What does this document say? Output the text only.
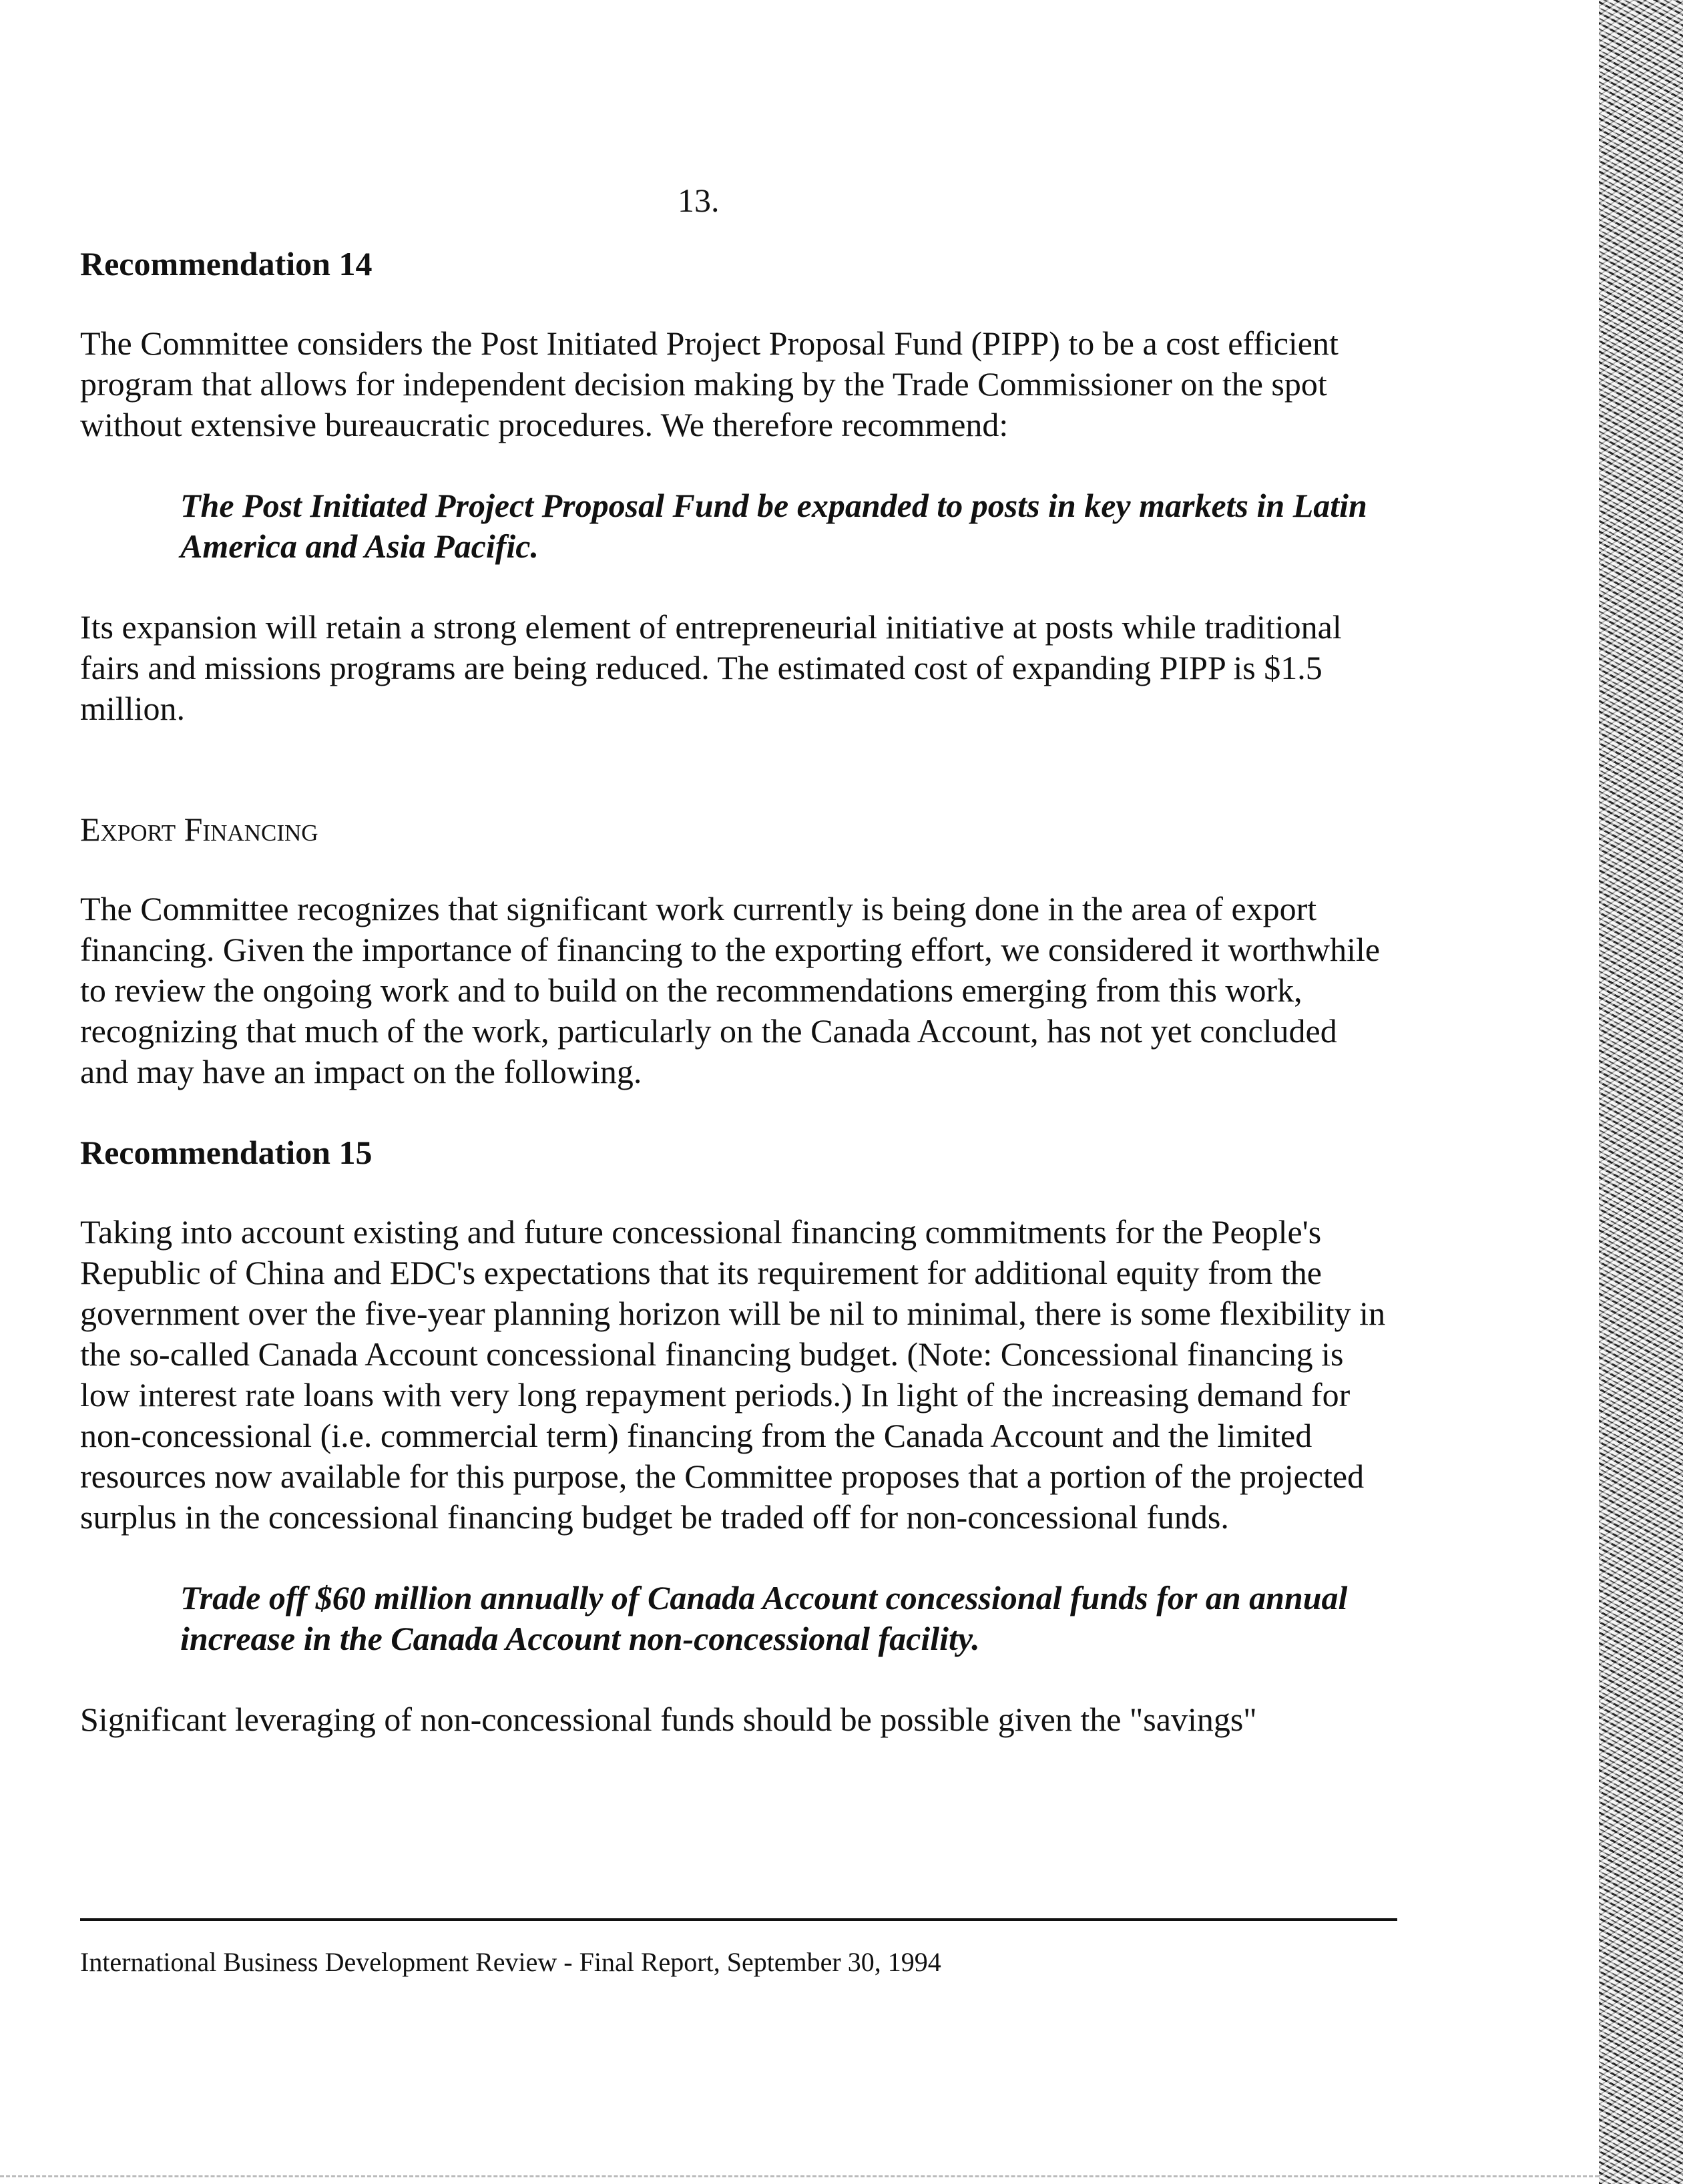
13.
Recommendation 14
The Committee considers the Post Initiated Project Proposal Fund (PIPP) to be a cost efficient program that allows for independent decision making by the Trade Commissioner on the spot without extensive bureaucratic procedures. We therefore recommend:
The Post Initiated Project Proposal Fund be expanded to posts in key markets in Latin America and Asia Pacific.
Its expansion will retain a strong element of entrepreneurial initiative at posts while traditional fairs and missions programs are being reduced. The estimated cost of expanding PIPP is $1.5 million.
Export Financing
The Committee recognizes that significant work currently is being done in the area of export financing. Given the importance of financing to the exporting effort, we considered it worthwhile to review the ongoing work and to build on the recommendations emerging from this work, recognizing that much of the work, particularly on the Canada Account, has not yet concluded and may have an impact on the following.
Recommendation 15
Taking into account existing and future concessional financing commitments for the People's Republic of China and EDC's expectations that its requirement for additional equity from the government over the five-year planning horizon will be nil to minimal, there is some flexibility in the so-called Canada Account concessional financing budget. (Note: Concessional financing is low interest rate loans with very long repayment periods.) In light of the increasing demand for non-concessional (i.e. commercial term) financing from the Canada Account and the limited resources now available for this purpose, the Committee proposes that a portion of the projected surplus in the concessional financing budget be traded off for non-concessional funds.
Trade off $60 million annually of Canada Account concessional funds for an annual increase in the Canada Account non-concessional facility.
Significant leveraging of non-concessional funds should be possible given the "savings"
International Business Development Review - Final Report, September 30, 1994
